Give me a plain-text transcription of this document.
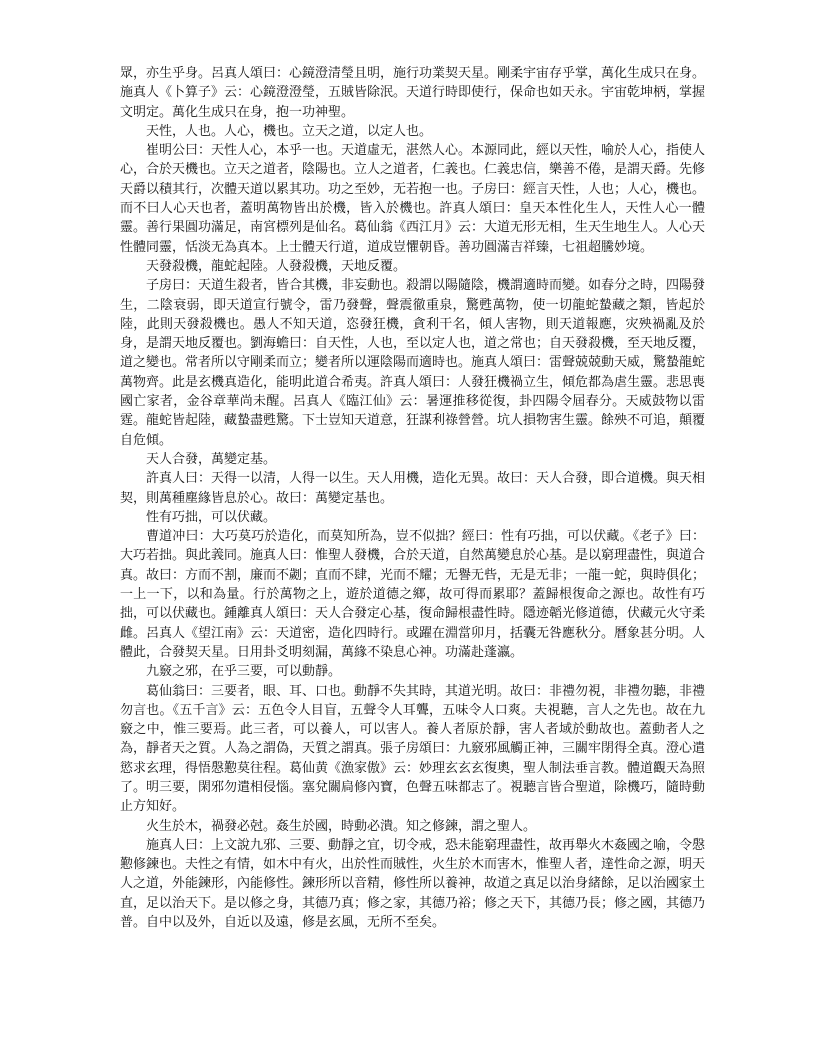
眾，亦生乎身。呂真人頌曰：心鏡澄清瑩且明，施行功業契天星。剛柔宇宙存乎掌，萬化生成只在身。施真人《卜算子》云：心鏡澄澄瑩，五賊皆除泯。天道行時即使行，保命也如天永。宇宙乾坤柄，掌握文明定。萬化生成只在身，抱一功神聖。

天性，人也。人心，機也。立天之道，以定人也。

崔明公曰：天性人心，本乎一也。天道虛无，湛然人心。本源同此，經以天性，喻於人心，指使人心，合於天機也。立天之道者，陰陽也。立人之道者，仁義也。仁義忠信，樂善不倦，是謂天爵。先修天爵以積其行，次體天道以累其功。功之至妙，无若抱一也。子房曰：經言天性，人也；人心，機也。而不曰人心天也者，蓋明萬物皆出於機，皆入於機也。許真人頌曰：皇天本性化生人，天性人心一體靈。善行果圓功滿足，南宮標列是仙名。葛仙翁《西江月》云：大道无形无相，生天生地生人。人心天性體同靈，恬淡无為真本。上士體天行道，道成豈懼朝昏。善功圓滿吉祥臻，七祖超騰妙境。

天發殺機，龍蛇起陸。人發殺機，天地反覆。

子房曰：天道生殺者，皆合其機，非妄動也。殺謂以陽隨陰，機謂適時而變。如春分之時，四陽發生，二陰衰弱，即天道宣行號令，雷乃發聲，聲震徹重泉，驚甦萬物，使一切龍蛇蟄藏之類，皆起於陸，此則天發殺機也。愚人不知天道，恣發狂機，貪利干名，傾人害物，則天道報應，灾殃禍亂及於身，是謂天地反覆也。劉海蟾曰：自天性，人也，至以定人也，道之常也；自天發殺機，至天地反覆，道之變也。常者所以守剛柔而立；變者所以運陰陽而適時也。施真人頌曰：雷聲兢兢動天威，驚蟄龍蛇萬物齊。此是玄機真造化，能明此道合希夷。許真人頌曰：人發狂機禍立生，傾危都為虐生靈。悲思喪國亡家者，金谷章華尚未醒。呂真人《臨江仙》云：暑運推移從復，卦四陽令屆春分。天威鼓物以雷霆。龍蛇皆起陸，藏蟄盡甦驚。下士豈知天道意，狂謀利祿營營。坑人損物害生靈。餘殃不可追，顛覆自危傾。

天人合發，萬變定基。

許真人曰：天得一以清，人得一以生。天人用機，造化无異。故曰：天人合發，即合道機。與天相契，則萬種塵緣皆息於心。故曰：萬變定基也。

性有巧拙，可以伏藏。

曹道冲曰：大巧莫巧於造化，而莫知所為，豈不似拙？經曰：性有巧拙，可以伏藏。《老子》曰：大巧若拙。與此義同。施真人曰：惟聖人發機，合於天道，自然萬變息於心基。是以窮理盡性，與道合真。故曰：方而不割，廉而不劌；直而不肆，光而不耀；无譽无呰，无是无非；一龍一蛇，與時俱化；一上一下，以和為量。行於萬物之上，遊於道德之鄉，故可得而累耶？蓋歸根復命之源也。故性有巧拙，可以伏藏也。鍾離真人頌曰：天人合發定心基，復命歸根盡性時。隱迹韜光修道德，伏藏元火守柔雌。呂真人《望江南》云：天道密，造化四時行。或躍在淵當卯月，括囊无咎應秋分。曆象甚分明。人體此，合發契天星。日用卦爻明刻漏，萬緣不染息心神。功滿赴蓬瀛。

九竅之邪，在乎三要，可以動靜。

葛仙翁曰：三要者，眼、耳、口也。動靜不失其時，其道光明。故曰：非禮勿視，非禮勿聽，非禮勿言也。《五千言》云：五色令人目盲，五聲令人耳聾，五味令人口爽。夫視聽，言人之先也。故在九竅之中，惟三要焉。此三者，可以養人，可以害人。養人者原於靜，害人者域於動故也。蓋動者人之為，靜者天之質。人為之謂偽，天質之謂真。張子房頌曰：九竅邪風觸正神，三關牢閉得全真。澄心遣慾求玄理，得悟慇懃莫往程。葛仙黄《漁家傲》云：妙理玄玄玄復奧，聖人制法垂言教。體道觀天為照了。明三要，閑邪勿遣相侵惱。塞兌關扃修內寶，色聲五味都志了。視聽言皆合聖道，除機巧，隨時動止方知好。

火生於木，禍發必尅。姦生於國，時動必潰。知之修鍊，謂之聖人。

施真人曰：上文說九邪、三要、動靜之宜，切令戒，恐未能窮理盡性，故再舉火木姦國之喻，令慇懃修鍊也。夫性之有情，如木中有火，出於性而賊性，火生於木而害木，惟聖人者，達性命之源，明天人之道，外能鍊形，內能修性。鍊形所以音精，修性所以養神，故道之真足以治身緒餘，足以治國家土直，足以治天下。是以修之身，其德乃真；修之家，其德乃裕；修之天下，其德乃長；修之國，其德乃普。自中以及外，自近以及遠，修是玄風，无所不至矣。
